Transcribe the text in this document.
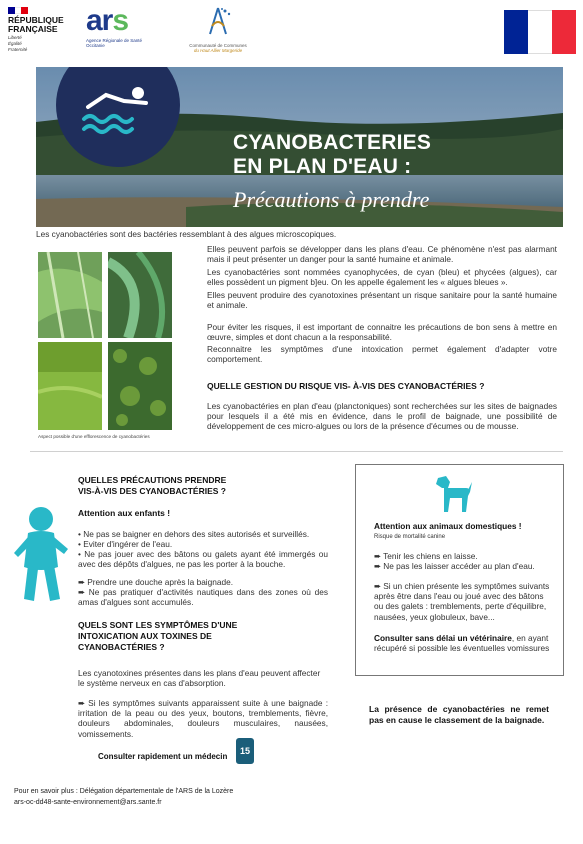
RÉPUBLIQUE
FRANÇAISE
Liberté
Égalité
Fraternité
ars
Agence Régionale de Santé
Occitanie	Communauté de Communes
du Haut Allier Margeride
CYANOBACTERIES
EN PLAN D'EAU :
Précautions à prendre
Les cyanobactéries sont des bactéries ressemblant à des algues microscopiques.
Aspect possible d'une efflorescence de cyanobactéries
Elles peuvent parfois se développer dans les plans d'eau. Ce phénomène n'est pas alarmant mais il peut présenter un danger pour la santé humaine et animale.
Les cyanobactéries sont nommées cyanophycées, de cyan (bleu) et phycées (algues), car elles possèdent un pigment b]eu. On les appelle également les « algues bleues ».
Elles peuvent produire des cyanotoxines présentant un risque sanitaire pour la santé humaine et animale.
Pour éviter les risques, il est important de connaitre les précautions de bon sens à mettre en œuvre, simples et dont chacun a la responsabilité.
Reconnaitre les symptômes d'une intoxication permet également d'adapter votre comportement.
QUELLE GESTION DU RISQUE VIS- À-VIS DES CYANOBACTÉRIES ?
Les cyanobactéries en plan d'eau (planctoniques) sont recherchées sur les sites de baignades pour lesquels il a été mis en évidence, dans le profil de baignade, une possibilité de développement de ces micro-algues ou lors de la présence d'écumes ou de mousse.
QUELLES PRÉCAUTIONS PRENDRE
VIS-À-VIS DES CYANOBACTÉRIES ?
Attention aux enfants !
• Ne pas se baigner en dehors des sites autorisés et surveillés.
• Eviter d'ingérer de l'eau.
• Ne pas jouer avec des bâtons ou galets ayant été immergés ou avec des dépôts d'algues, ne pas les porter à la bouche.
➨ Prendre une douche après la baignade.
➨ Ne pas pratiquer d'activités nautiques dans des zones où des amas d'algues sont accumulés.
QUELS SONT LES SYMPTÔMES D'UNE
INTOXICATION AUX TOXINES DE
CYANOBACTÉRIES ?
Les cyanotoxines présentes dans les plans d'eau peuvent affecter le système nerveux en cas d'absorption.
➨ Si les symptômes suivants apparaissent suite à une baignade : irritation de la peau ou des yeux, boutons, tremblements, fièvre, douleurs abdominales, douleurs musculaires, nausées, vomissements.
Consulter rapidement un médecin
15
Attention aux animaux domestiques !
Risque de mortalité canine
➨ Tenir les chiens en laisse.
➨ Ne pas les laisser accéder au plan d'eau.
➨ Si un chien présente les symptômes suivants après être dans l'eau ou joué avec des bâtons ou des galets : tremblements, perte d'équilibre, nausées, yeux globuleux, bave...
Consulter sans délai un vétérinaire, en ayant récupéré si possible les éventuelles vomissures
La présence de cyanobactéries ne remet pas en cause le classement de la baignade.
Pour en savoir plus : Délégation départementale de l'ARS de la Lozère
ars-oc-dd48-sante-environnement@ars.sante.fr
